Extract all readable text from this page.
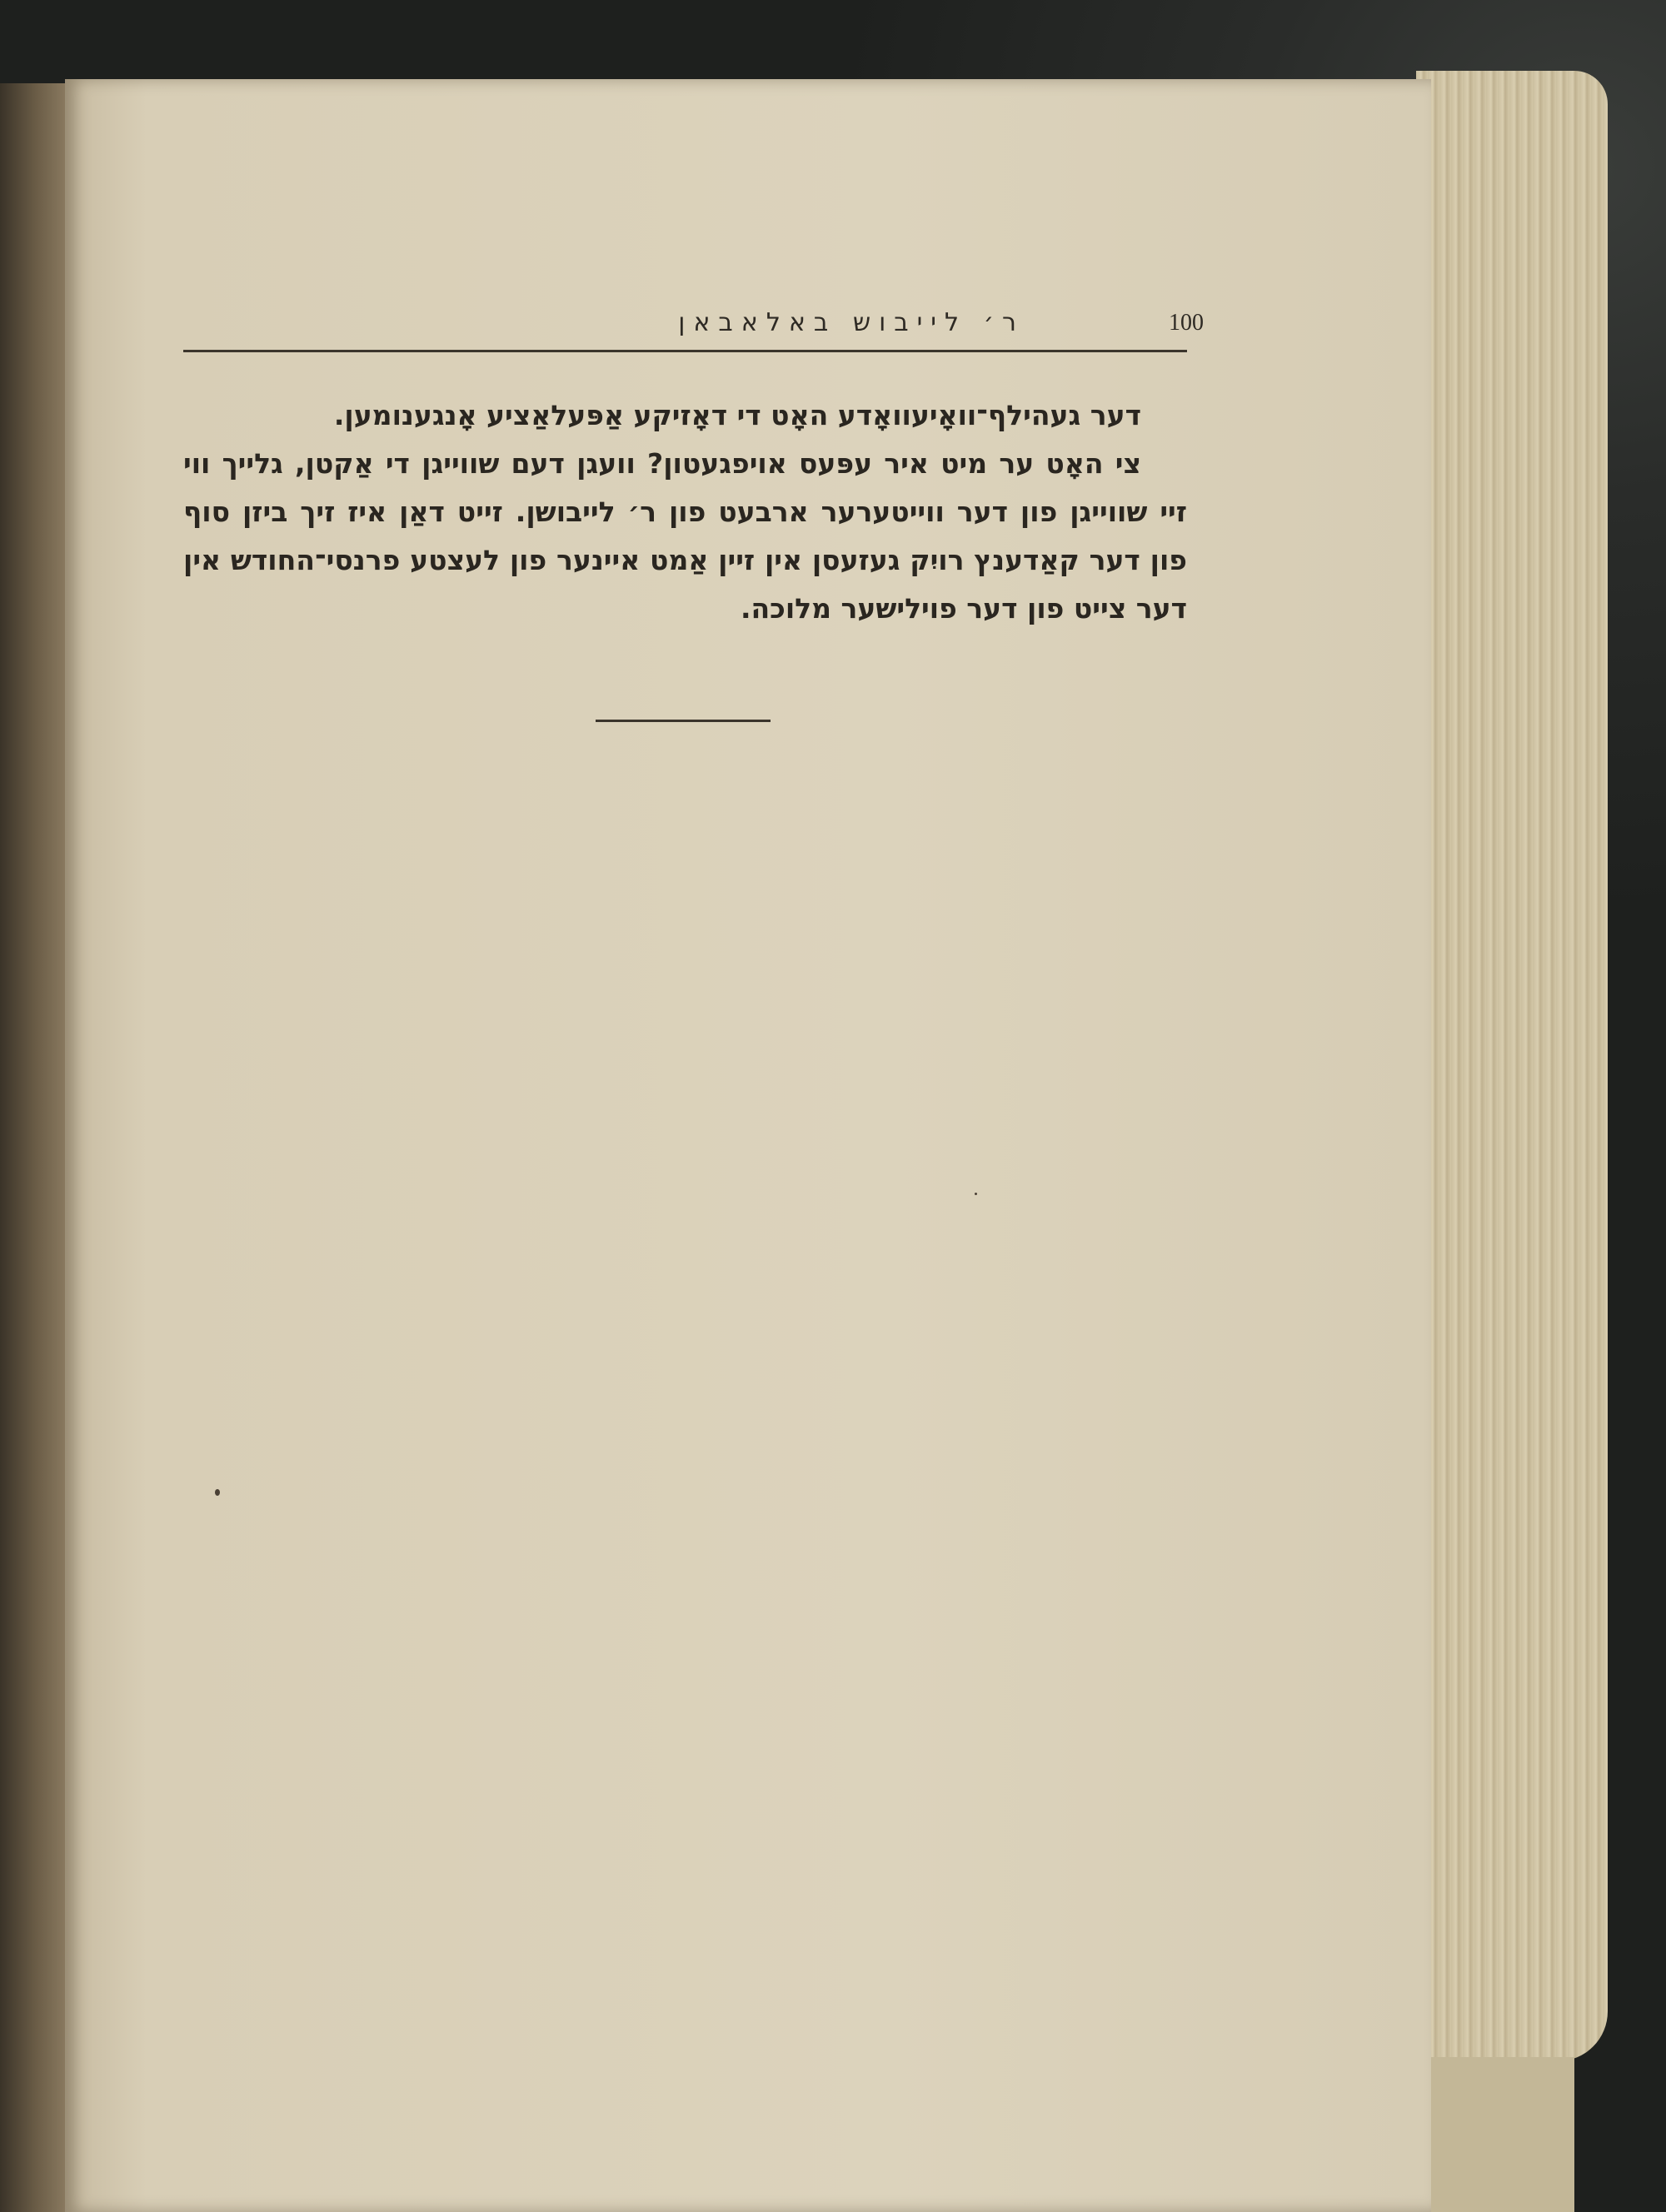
ר׳ לייבוש באלאבאן	100

דער געהילף־וואָיעוואָדע האָט די דאָזיקע אַפּעלאַציע אָנגענומען.

צי האָט ער מיט איר עפּעס אויפגעטון? וועגן דעם שווייגן די אַקטן, גלייך ווי זיי שווייגן פון דער ווייטערער ארבעט פון ר׳ לייבושן. זייט דאַן איז זיך ביזן סוף פון דער קאַדענץ רויִק געזעסן אין זיין אַמט איינער פון לעצטע פרנסי־החודש אין דער צייט פון דער פוילישער מלוכה.
